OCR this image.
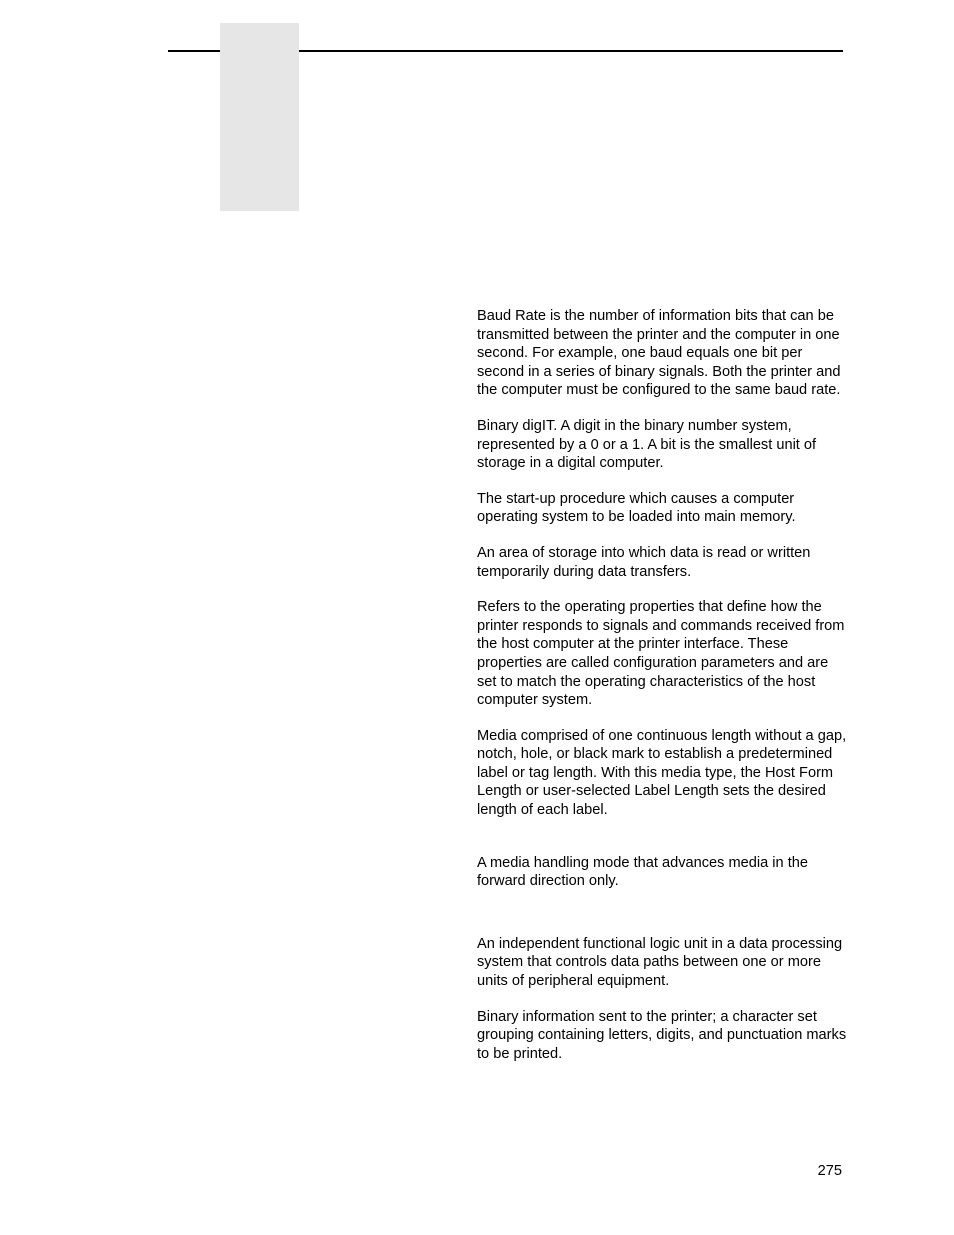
Baud Rate is the number of information bits that can be transmitted between the printer and the computer in one second. For example, one baud equals one bit per second in a series of binary signals. Both the printer and the computer must be configured to the same baud rate.

Binary digIT. A digit in the binary number system, represented by a 0 or a 1. A bit is the smallest unit of storage in a digital computer.

The start-up procedure which causes a computer operating system to be loaded into main memory.

An area of storage into which data is read or written temporarily during data transfers.

Refers to the operating properties that define how the printer responds to signals and commands received from the host computer at the printer interface. These properties are called configuration parameters and are set to match the operating characteristics of the host computer system.

Media comprised of one continuous length without a gap, notch, hole, or black mark to establish a predetermined label or tag length. With this media type, the Host Form Length or user-selected Label Length sets the desired length of each label.

A media handling mode that advances media in the forward direction only.

An independent functional logic unit in a data processing system that controls data paths between one or more units of peripheral equipment.

Binary information sent to the printer; a character set grouping containing letters, digits, and punctuation marks to be printed.

275
